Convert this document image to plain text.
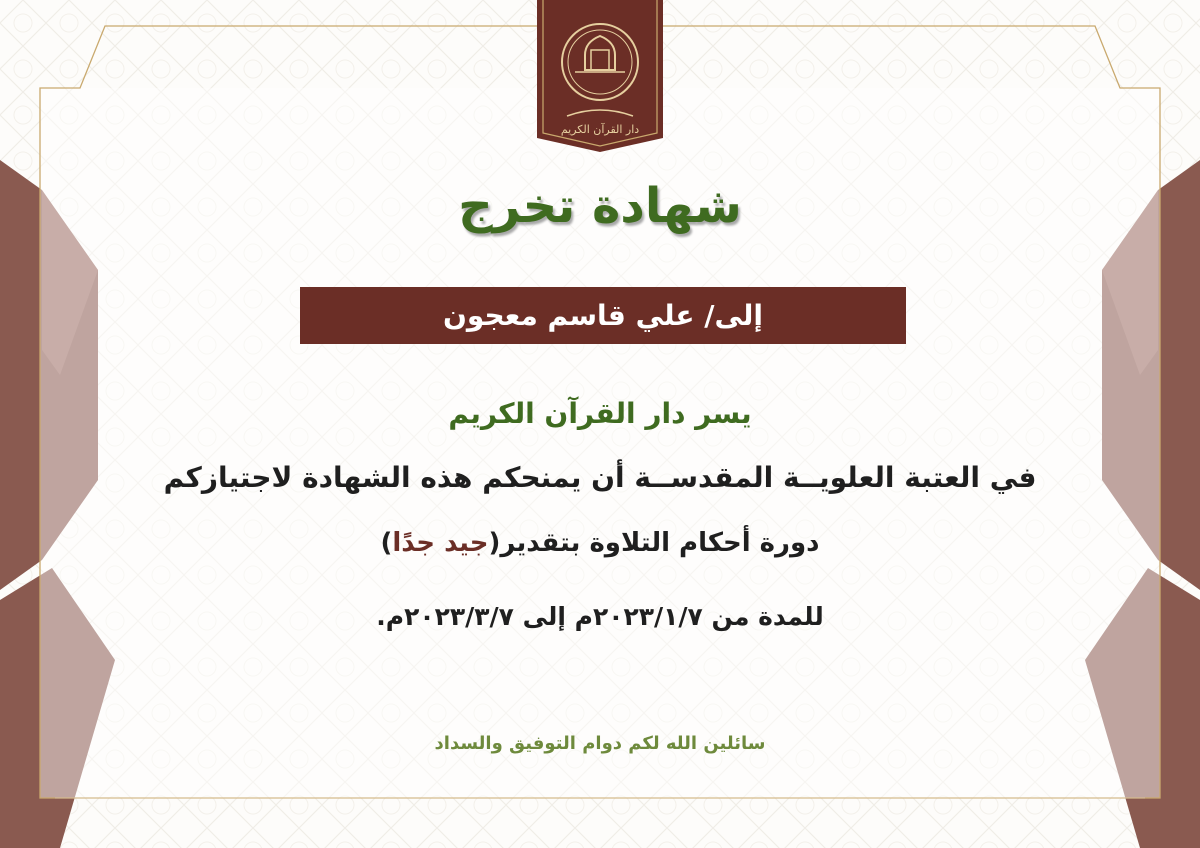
دار القرآن الكريم
شهادة تخرج
إلى/ علي قاسم معجون
يسر دار القرآن الكريم
في العتبة العلويــة المقدســة أن يمنحكم هذه الشهادة لاجتيازكم
دورة أحكام التلاوة بتقدير(جيد جدًا)
للمدة من ٢٠٢٣/١/٧م إلى ٢٠٢٣/٣/٧م.
سائلين الله لكم دوام التوفيق والسداد
